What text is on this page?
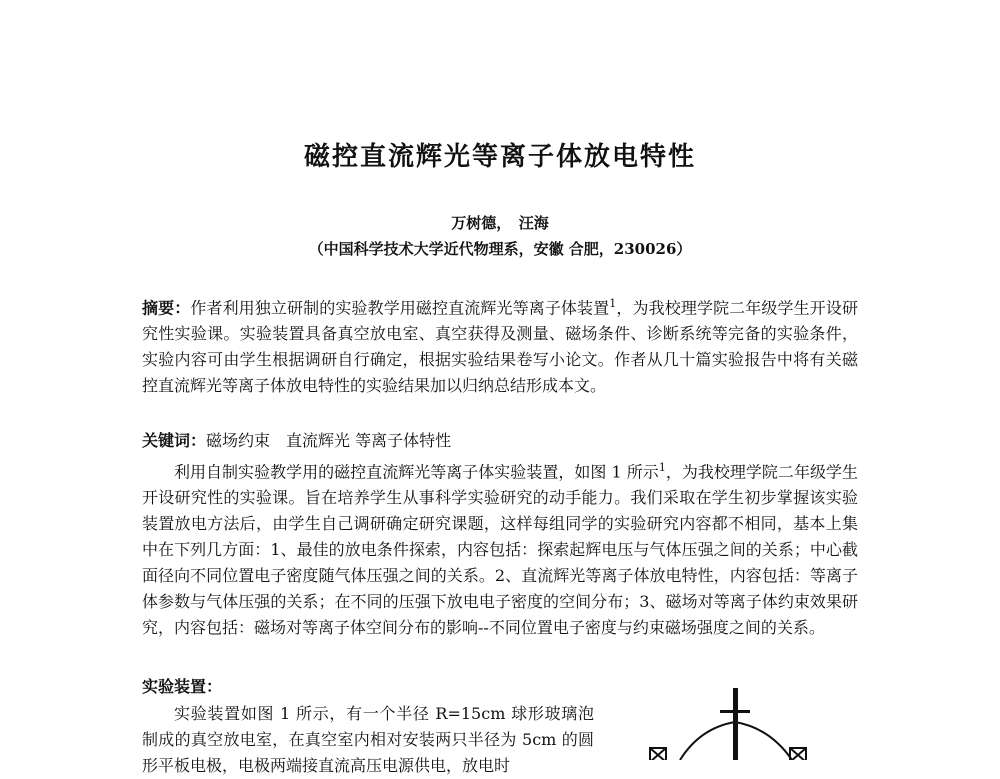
磁控直流辉光等离子体放电特性
万树德，　汪海
（中国科学技术大学近代物理系，安徽 合肥，230026）
摘要：作者利用独立研制的实验教学用磁控直流辉光等离子体装置$^1$，为我校理学院二年级学生开设研究性实验课。实验装置具备真空放电室、真空获得及测量、磁场条件、诊断系统等完备的实验条件，实验内容可由学生根据调研自行确定，根据实验结果卷写小论文。作者从几十篇实验报告中将有关磁控直流辉光等离子体放电特性的实验结果加以归纳总结形成本文。
关键词：磁场约束　直流辉光 等离子体特性
利用自制实验教学用的磁控直流辉光等离子体实验装置，如图 1 所示$^1$，为我校理学院二年级学生开设研究性的实验课。旨在培养学生从事科学实验研究的动手能力。我们采取在学生初步掌握该实验装置放电方法后，由学生自己调研确定研究课题，这样每组同学的实验研究内容都不相同，基本上集中在下列几方面：1、最佳的放电条件探索，内容包括：探索起辉电压与气体压强之间的关系；中心截面径向不同位置电子密度随气体压强之间的关系。2、直流辉光等离子体放电特性，内容包括：等离子体参数与气体压强的关系；在不同的压强下放电电子密度的空间分布；3、磁场对等离子体约束效果研究，内容包括：磁场对等离子体空间分布的影响--不同位置电子密度与约束磁场强度之间的关系。
实验装置：
实验装置如图 1 所示，有一个半径 R=15cm 球形玻璃泡制成的真空放电室，在真空室内相对安装两只半径为 5cm 的圆形平板电极，电极两端接直流高压电源供电，放电时
